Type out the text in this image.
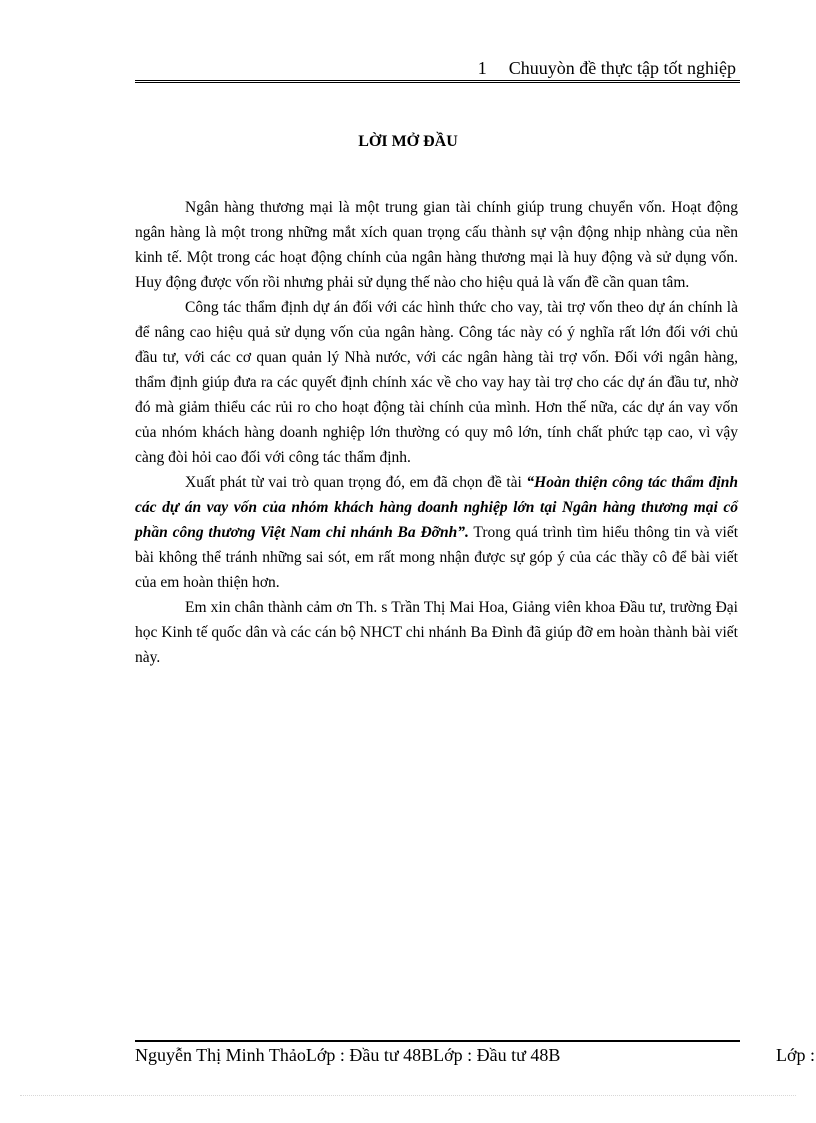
1 Chuuyòn đề thực tập tốt nghiệp
LỜI MỞ ĐẦU

Ngân hàng thương mại là một trung gian tài chính giúp trung chuyển vốn. Hoạt động ngân hàng là một trong những mắt xích quan trọng cấu thành sự vận động nhịp nhàng của nền kinh tế. Một trong các hoạt động chính của ngân hàng thương mại là huy động và sử dụng vốn. Huy động được vốn rồi nhưng phải sử dụng thế nào cho hiệu quả là vấn đề cần quan tâm.

Công tác thẩm định dự án đối với các hình thức cho vay, tài trợ vốn theo dự án chính là để nâng cao hiệu quả sử dụng vốn của ngân hàng. Công tác này có ý nghĩa rất lớn đối với chủ đầu tư, với các cơ quan quản lý Nhà nước, với các ngân hàng tài trợ vốn. Đối với ngân hàng, thẩm định giúp đưa ra các quyết định chính xác về cho vay hay tài trợ cho các dự án đầu tư, nhờ đó mà giảm thiểu các rủi ro cho hoạt động tài chính của mình. Hơn thế nữa, các dự án vay vốn của nhóm khách hàng doanh nghiệp lớn thường có quy mô lớn, tính chất phức tạp cao, vì vậy càng đòi hỏi cao đối với công tác thẩm định.

Xuất phát từ vai trò quan trọng đó, em đã chọn đề tài “Hoàn thiện công tác thẩm định các dự án vay vốn của nhóm khách hàng doanh nghiệp lớn tại Ngân hàng thương mại cổ phần công thương Việt Nam chi nhánh Ba Đỡnh”. Trong quá trình tìm hiểu thông tin và viết bài không thể tránh những sai sót, em rất mong nhận được sự góp ý của các thầy cô để bài viết của em hoàn thiện hơn.

Em xin chân thành cảm ơn Th. s Trần Thị Mai Hoa, Giảng viên khoa Đầu tư, trường Đại học Kinh tế quốc dân và các cán bộ NHCT chi nhánh Ba Đình đã giúp đỡ em hoàn thành bài viết này.

Nguyễn Thị Minh ThảoLớp : Đầu tư 48BLớp : Đầu tư 48B	Lớp :
